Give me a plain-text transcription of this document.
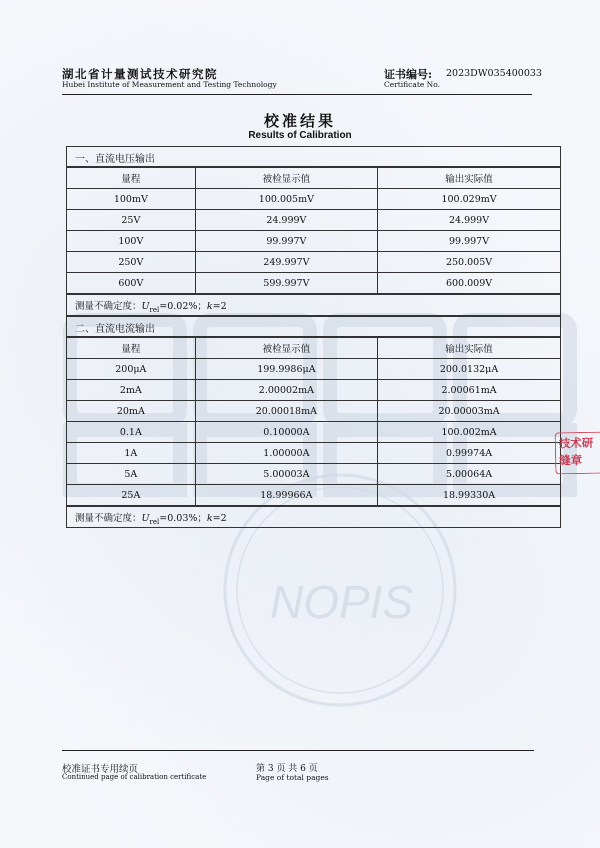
NOPIS
湖北省计量测试技术研究院
Hubei Institute of Measurement and Testing Technology
证书编号: 2023DW035400033
Certificate No.
校准结果
Results of Calibration
一、直流电压输出
量程	被检显示值	输出实际值
100mV	100.005mV	100.029mV
25V	24.999V	24.999V
100V	99.997V	99.997V
250V	249.997V	250.005V
600V	599.997V	600.009V
测量不确定度：$U_{rel}=0.02\%$；k=2
二、直流电流输出
量程	被检显示值	输出实际值
200μA	199.9986μA	200.0132μA
2mA	2.00002mA	2.00061mA
20mA	20.00018mA	20.00003mA
0.1A	0.10000A	100.002mA
1A	1.00000A	0.99974A
5A	5.00003A	5.00064A
25A	18.99966A	18.99330A
测量不确定度：$U_{rel}=0.03\%$；k=2
技术研
缝章
校准证书专用续页
Continued page of calibration certificate
第 3 页 共 6 页
Page of total pages
